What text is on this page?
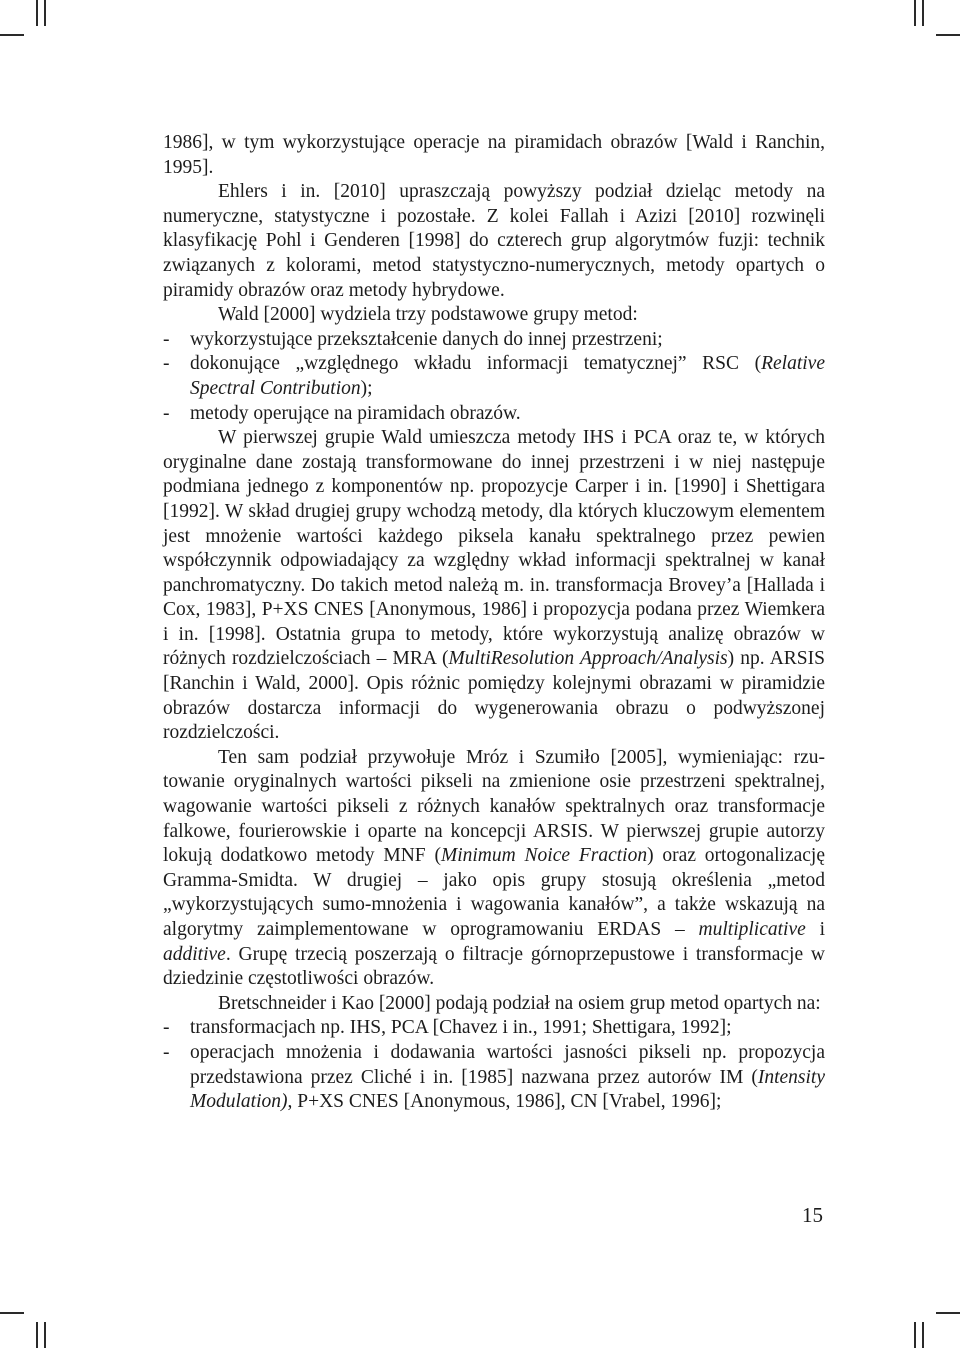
1986], w tym wykorzystujące operacje na piramidach obrazów [Wald i Ranchin, 1995].

Ehlers i in. [2010] upraszczają powyższy podział dzieląc metody na numeryczne, statystyczne i pozostałe. Z kolei Fallah i Azizi [2010] rozwinęli klasyfikację Pohl i Genderen [1998] do czterech grup algorytmów fuzji: technik związanych z kolorami, metod statystyczno-numerycznych, metody opartych o piramidy obrazów oraz metody hybrydowe.

Wald [2000] wydziela trzy podstawowe grupy metod:

- wykorzystujące przekształcenie danych do innej przestrzeni;

- dokonujące „względnego wkładu informacji tematycznej” RSC (Relative Spectral Contribution);

- metody operujące na piramidach obrazów.

W pierwszej grupie Wald umieszcza metody IHS i PCA oraz te, w których oryginalne dane zostają transformowane do innej przestrzeni i w niej następuje podmiana jednego z komponentów np. propozycje Carper i in. [1990] i Shettigara [1992]. W skład drugiej grupy wchodzą metody, dla których kluczowym elementem jest mnożenie wartości każdego piksela kanału spektralnego przez pewien współczynnik odpowiadający za względny wkład informacji spektralnej w kanał panchromatyczny. Do takich metod należą m. in. transformacja Brovey’a [Hallada i Cox, 1983], P+XS CNES [Anonymous, 1986] i propozycja podana przez Wiemkera i in. [1998]. Ostatnia grupa to metody, które wykorzystują analizę obrazów w różnych rozdzielczościach – MRA (MultiResolution Approach/Analysis) np. ARSIS [Ranchin i Wald, 2000]. Opis różnic pomiędzy kolejnymi obrazami w piramidzie obrazów dostarcza informacji do wygenerowania obrazu o podwyższonej rozdzielczości.

Ten sam podział przywołuje Mróz i Szumiło [2005], wymieniając: rzutowanie oryginalnych wartości pikseli na zmienione osie przestrzeni spektralnej, wagowanie wartości pikseli z różnych kanałów spektralnych oraz transformacje falkowe, fourierowskie i oparte na koncepcji ARSIS. W pierwszej grupie autorzy lokują dodatkowo metody MNF (Minimum Noice Fraction) oraz ortogonalizację Gramma-Smidta. W drugiej – jako opis grupy stosują określenia „metod „wykorzystujących sumo-mnożenia i wagowania kanałów”, a także wskazują na algorytmy zaimplementowane w oprogramowaniu ERDAS – multiplicative i additive. Grupę trzecią poszerzają o filtracje górnoprzepustowe i transformacje w dziedzinie częstotliwości obrazów.

Bretschneider i Kao [2000] podają podział na osiem grup metod opartych na:

- transformacjach np. IHS, PCA [Chavez i in., 1991; Shettigara, 1992];

- operacjach mnożenia i dodawania wartości jasności pikseli np. propozycja przedstawiona przez Cliché i in. [1985] nazwana przez autorów IM (Intensity Modulation), P+XS CNES [Anonymous, 1986], CN [Vrabel, 1996];

15
